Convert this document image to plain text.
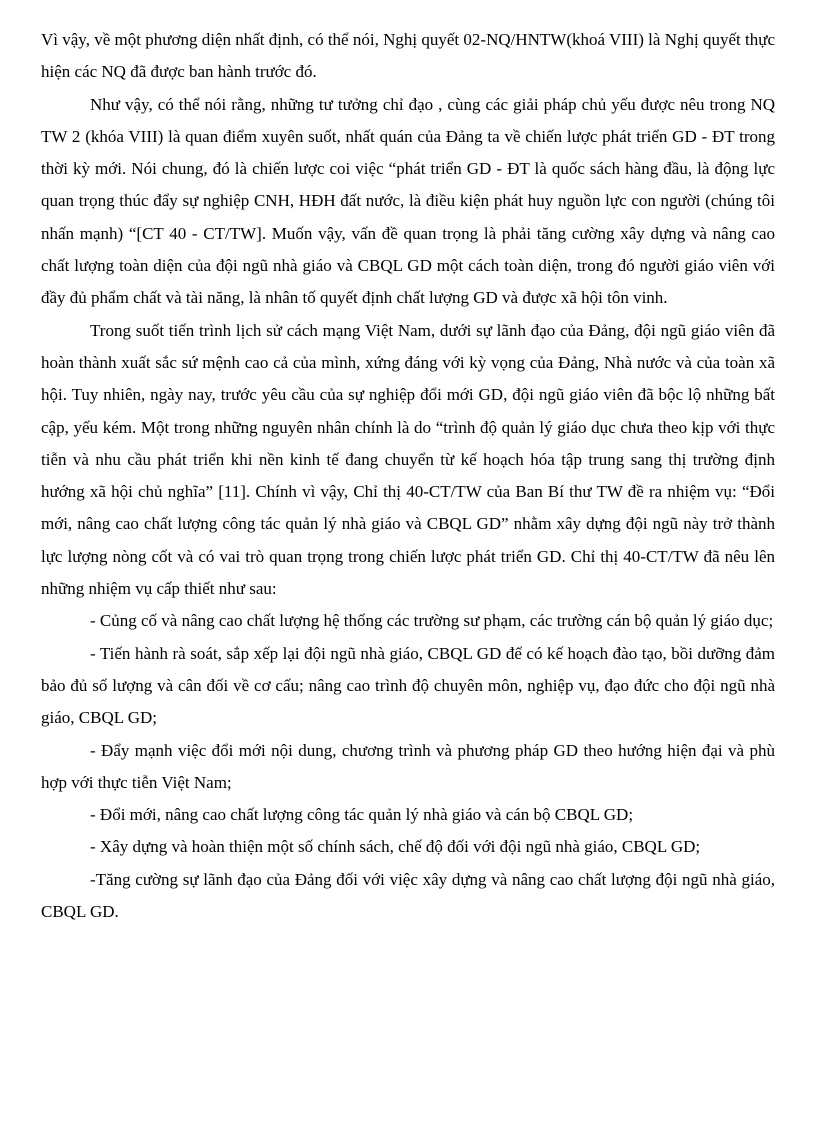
Vì vậy, về một phương diện nhất định, có thể nói, Nghị quyết 02-NQ/HNTW(khoá VIII) là Nghị quyết thực hiện các NQ đã được ban hành trước đó.

Như vậy, có thể nói rằng, những tư tưởng chỉ đạo , cùng các giải pháp chủ yếu được nêu trong NQ TW 2 (khóa VIII) là quan điểm xuyên suốt, nhất quán của Đảng ta về chiến lược phát triển GD - ĐT trong thời kỳ mới. Nói chung, đó là chiến lược coi việc “phát triển GD - ĐT là quốc sách hàng đầu, là động lực quan trọng thúc đẩy sự nghiệp CNH, HĐH đất nước, là điều kiện phát huy nguồn lực con người (chúng tôi nhấn mạnh) “[CT 40 - CT/TW]. Muốn vậy, vấn đề quan trọng là phải tăng cường xây dựng và nâng cao chất lượng toàn diện của đội ngũ nhà giáo và CBQL GD một cách toàn diện, trong đó người giáo viên với đầy đủ phẩm chất và tài năng, là nhân tố quyết định chất lượng GD và được xã hội tôn vinh.

Trong suốt tiến trình lịch sử cách mạng Việt Nam, dưới sự lãnh đạo của Đảng, đội ngũ giáo viên đã hoàn thành xuất sắc sứ mệnh cao cả của mình, xứng đáng với kỳ vọng của Đảng, Nhà nước và của toàn xã hội. Tuy nhiên, ngày nay, trước yêu cầu của sự nghiệp đổi mới GD, đội ngũ giáo viên đã bộc lộ những bất cập, yếu kém. Một trong những nguyên nhân chính là do “trình độ quản lý giáo dục chưa theo kịp với thực tiễn và nhu cầu phát triển khi nền kinh tế đang chuyển từ kế hoạch hóa tập trung sang thị trường định hướng xã hội chủ nghĩa” [11]. Chính vì vậy, Chỉ thị 40-CT/TW của Ban Bí thư TW đề ra nhiệm vụ: “Đổi mới, nâng cao chất lượng công tác quản lý nhà giáo và CBQL GD” nhằm xây dựng đội ngũ này trở thành lực lượng nòng cốt và có vai trò quan trọng trong chiến lược phát triển GD. Chỉ thị 40-CT/TW đã nêu lên những nhiệm vụ cấp thiết như sau:

- Củng cố và nâng cao chất lượng hệ thống các trường sư phạm, các trường cán bộ quản lý giáo dục;

- Tiến hành rà soát, sắp xếp lại đội ngũ nhà giáo, CBQL GD để có kế hoạch đào tạo, bồi dưỡng đảm bảo đủ số lượng và cân đối về cơ cấu; nâng cao trình độ chuyên môn, nghiệp vụ, đạo đức cho đội ngũ nhà giáo, CBQL GD;

- Đẩy mạnh việc đổi mới nội dung, chương trình và phương pháp GD theo hướng hiện đại và phù hợp với thực tiễn Việt Nam;

- Đổi mới, nâng cao chất lượng công tác quản lý nhà giáo và cán bộ CBQL GD;

- Xây dựng và hoàn thiện một số chính sách, chế độ đối với đội ngũ nhà giáo, CBQL GD;

-Tăng cường sự lãnh đạo của Đảng đối với việc xây dựng và nâng cao chất lượng đội ngũ nhà giáo, CBQL GD.
